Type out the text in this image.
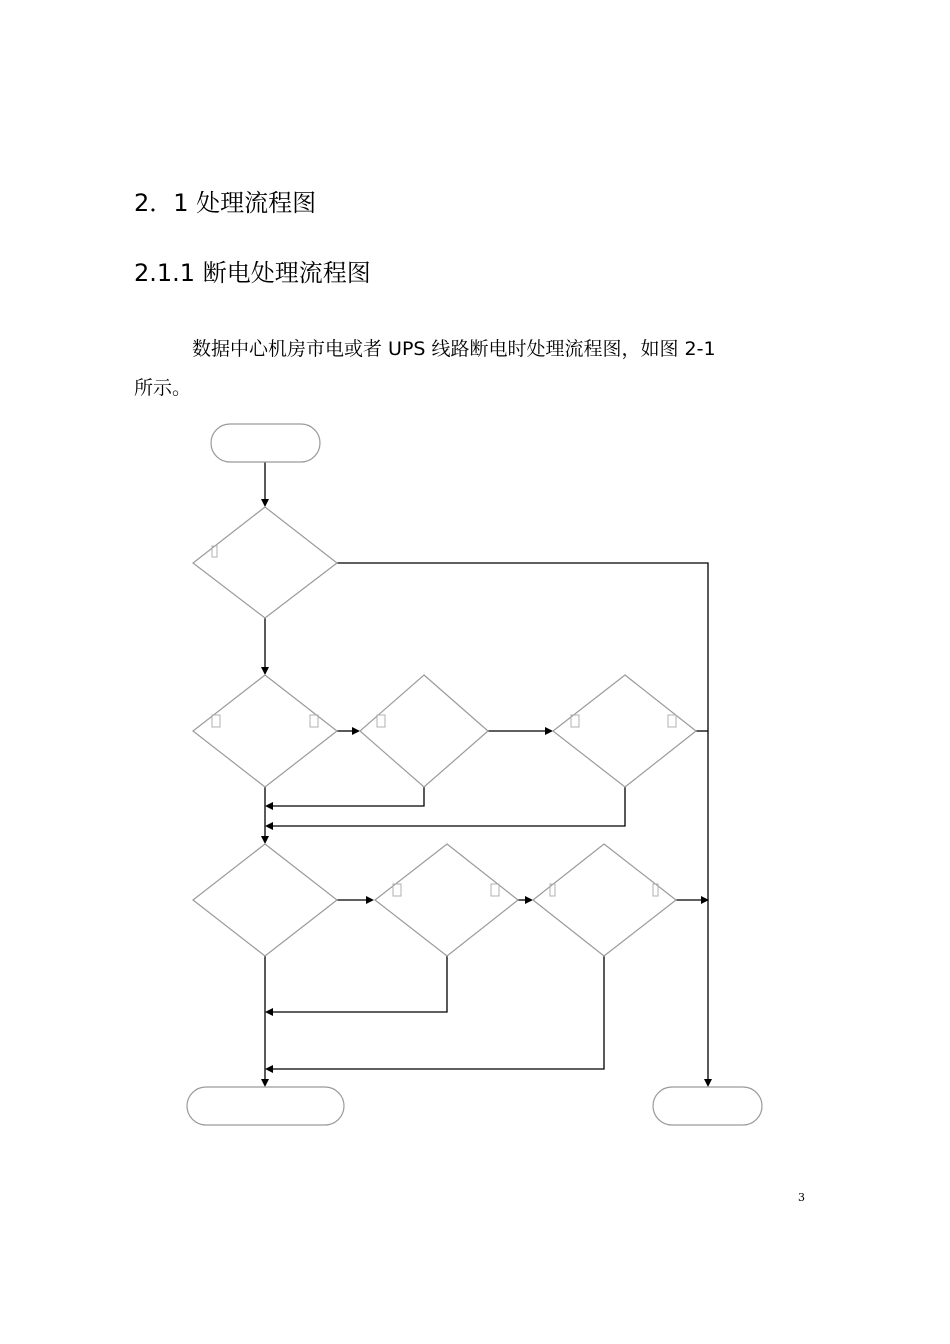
2．1 处理流程图
2.1.1 断电处理流程图
数据中心机房市电或者 UPS 线路断电时处理流程图，如图 2-1
所示。
3
